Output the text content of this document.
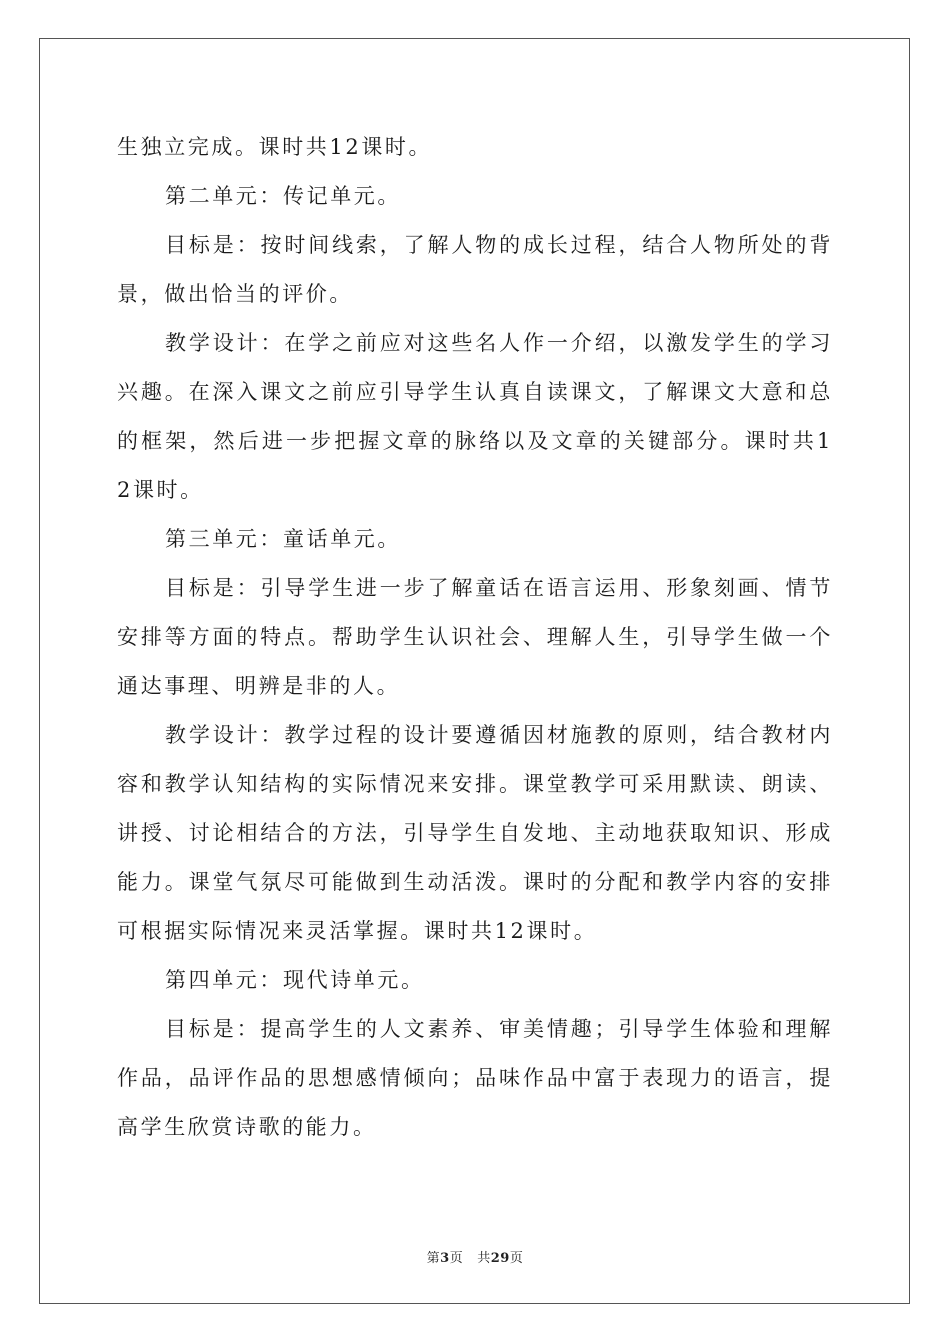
生独立完成。课时共12课时。

第二单元：传记单元。

目标是：按时间线索，了解人物的成长过程，结合人物所处的背景，做出恰当的评价。

教学设计：在学之前应对这些名人作一介绍，以激发学生的学习兴趣。在深入课文之前应引导学生认真自读课文，了解课文大意和总的框架，然后进一步把握文章的脉络以及文章的关键部分。课时共12课时。

第三单元：童话单元。

目标是：引导学生进一步了解童话在语言运用、形象刻画、情节安排等方面的特点。帮助学生认识社会、理解人生，引导学生做一个通达事理、明辨是非的人。

教学设计：教学过程的设计要遵循因材施教的原则，结合教材内容和教学认知结构的实际情况来安排。课堂教学可采用默读、朗读、讲授、讨论相结合的方法，引导学生自发地、主动地获取知识、形成能力。课堂气氛尽可能做到生动活泼。课时的分配和教学内容的安排可根据实际情况来灵活掌握。课时共12课时。

第四单元：现代诗单元。

目标是：提高学生的人文素养、审美情趣；引导学生体验和理解作品，品评作品的思想感情倾向；品味作品中富于表现力的语言，提高学生欣赏诗歌的能力。

第3页 共29页
